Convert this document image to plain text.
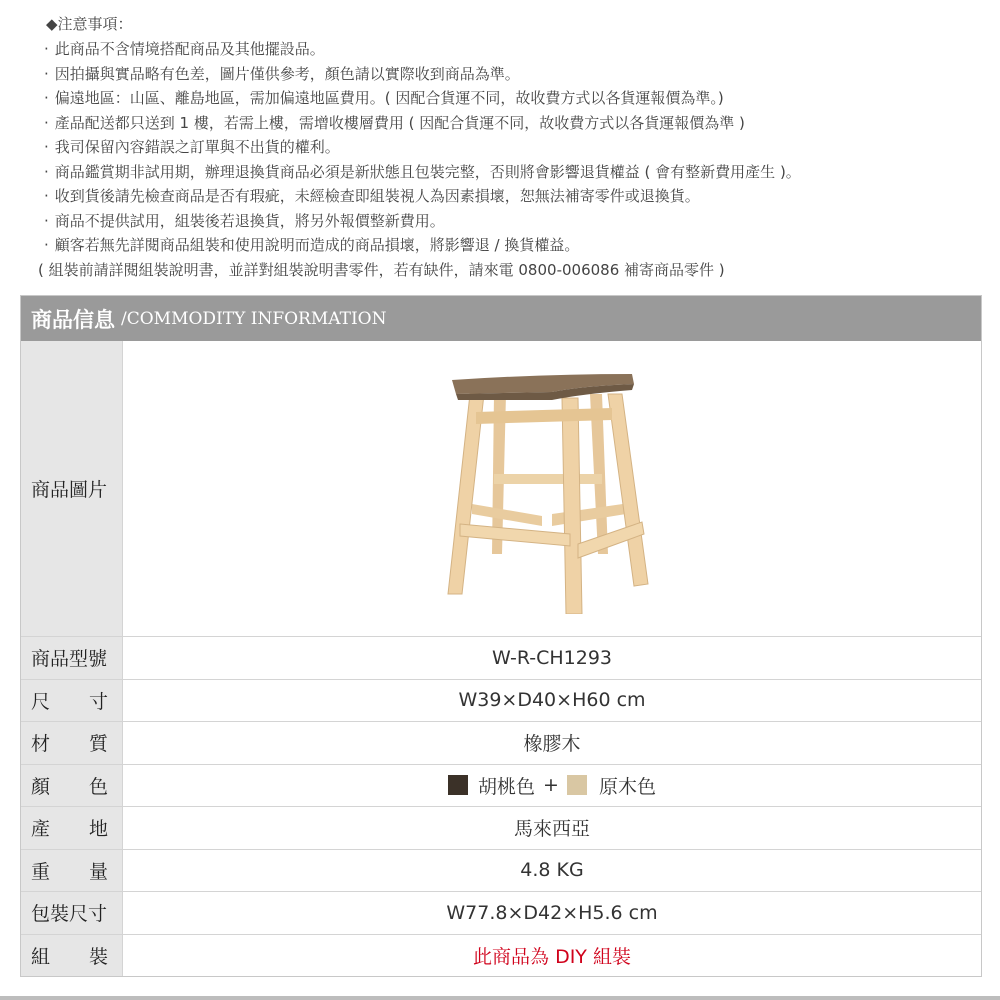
◆注意事項：
· 此商品不含情境搭配商品及其他擺設品。
· 因拍攝與實品略有色差，圖片僅供參考，顏色請以實際收到商品為準。
· 偏遠地區：山區、離島地區，需加偏遠地區費用。( 因配合貨運不同，故收費方式以各貨運報價為準。)
· 產品配送都只送到 1 樓，若需上樓，需增收樓層費用 ( 因配合貨運不同，故收費方式以各貨運報價為準 )
· 我司保留內容錯誤之訂單與不出貨的權利。
· 商品鑑賞期非試用期，辦理退換貨商品必須是新狀態且包裝完整，否則將會影響退貨權益 ( 會有整新費用產生 )。
· 收到貨後請先檢查商品是否有瑕疵，未經檢查即組裝視人為因素損壞，恕無法補寄零件或退換貨。
· 商品不提供試用，組裝後若退換貨，將另外報價整新費用。
· 顧客若無先詳閱商品組裝和使用說明而造成的商品損壞，將影響退 / 換貨權益。
( 組裝前請詳閱組裝說明書，並詳對組裝說明書零件，若有缺件，請來電 0800-006086 補寄商品零件 )
商品信息 /COMMODITY INFORMATION
商品圖片
商品型號	W-R-CH1293
尺 寸	W39×D40×H60 cm
材 質	橡膠木
顏 色	胡桃色 + 原木色
產 地	馬來西亞
重 量	4.8 KG
包裝尺寸	W77.8×D42×H5.6 cm
組 裝	此商品為 DIY 組裝
